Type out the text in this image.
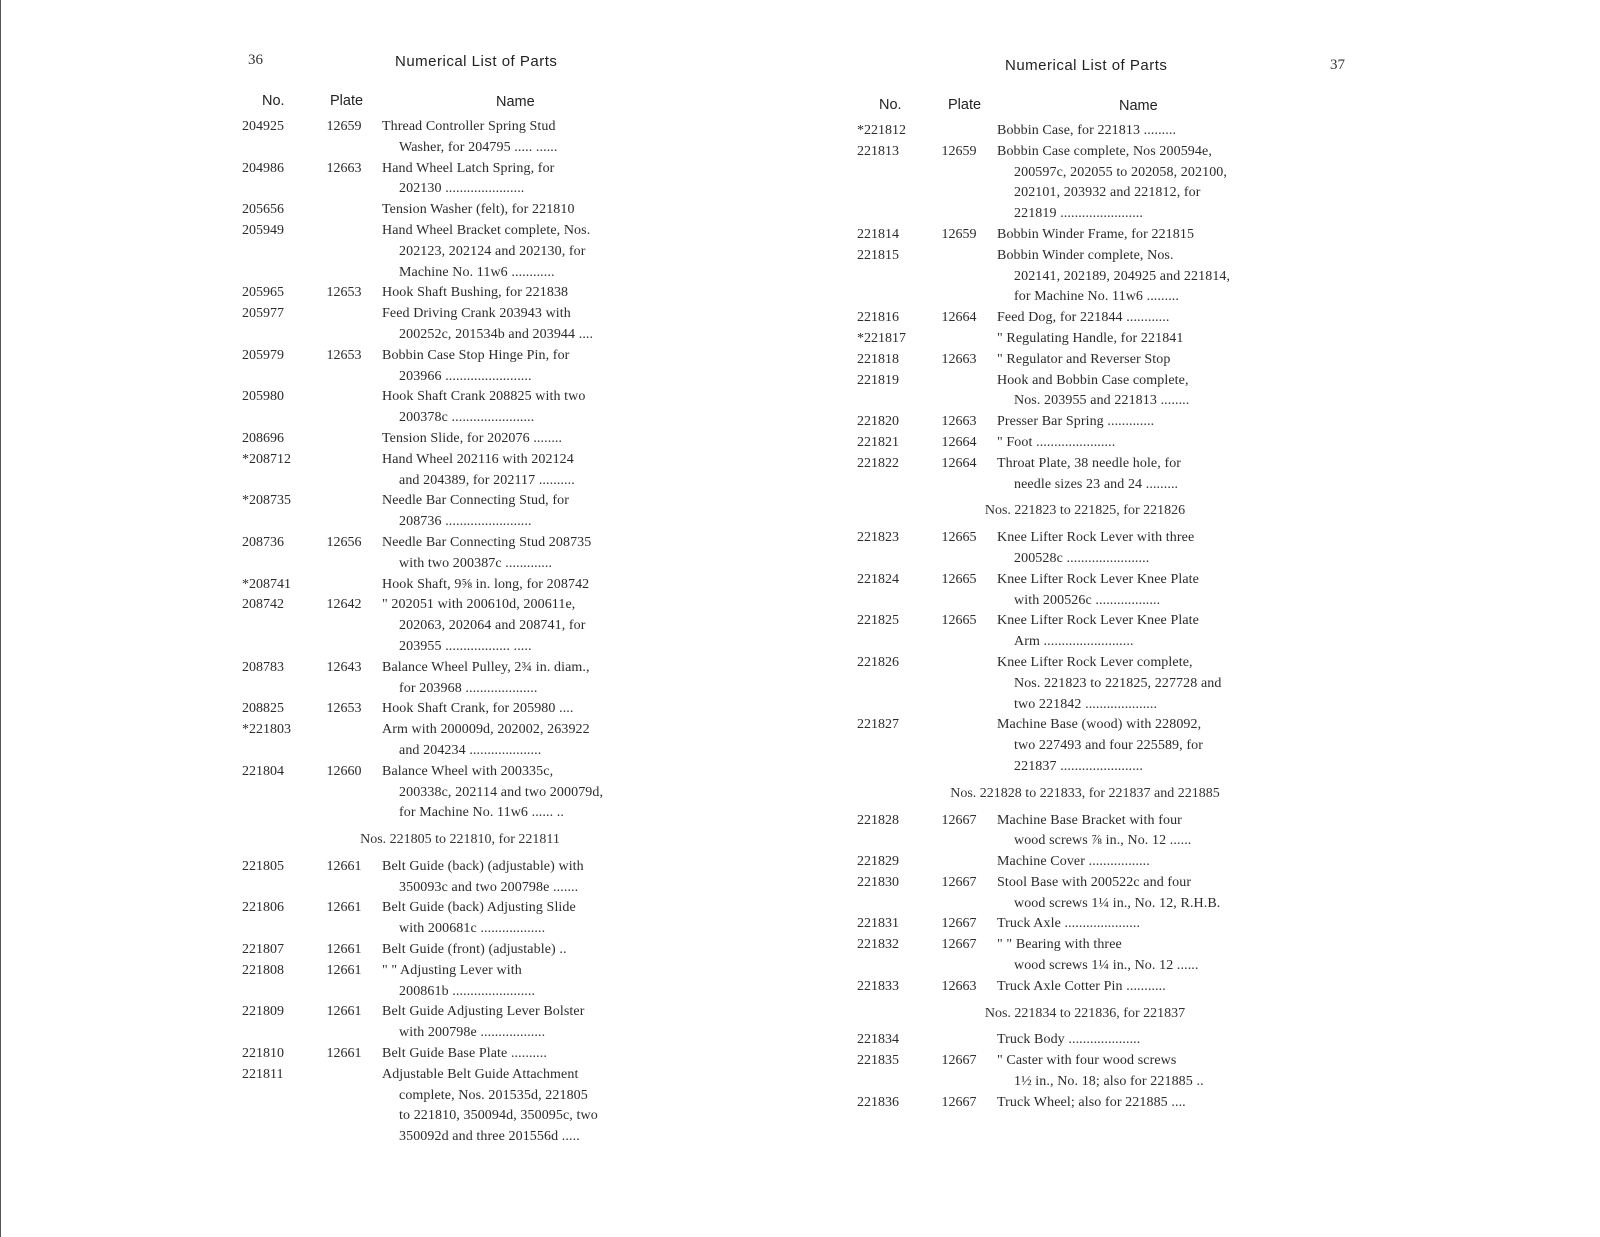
36	Numerical List of Parts
No.	Plate	Name
204925	12659	Thread Controller Spring Stud
Washer, for 204795 ..... ......
204986	12663	Hand Wheel Latch Spring, for
202130 ......................
205656	Tension Washer (felt), for 221810
205949	Hand Wheel Bracket complete, Nos.
202123, 202124 and 202130, for
Machine No. 11w6 ............
205965	12653	Hook Shaft Bushing, for 221838
205977	Feed Driving Crank 203943 with
200252c, 201534b and 203944 ....
205979	12653	Bobbin Case Stop Hinge Pin, for
203966 ........................
205980	Hook Shaft Crank 208825 with two
200378c .......................
208696	Tension Slide, for 202076 ........
*208712	Hand Wheel 202116 with 202124
and 204389, for 202117 ..........
*208735	Needle Bar Connecting Stud, for
208736 ........................
208736	12656	Needle Bar Connecting Stud 208735
with two 200387c .............
*208741	Hook Shaft, 9⅝ in. long, for 208742
208742	12642	" 202051 with 200610d, 200611e,
202063, 202064 and 208741, for
203955 .................. .....
208783	12643	Balance Wheel Pulley, 2¾ in. diam.,
for 203968 ....................
208825	12653	Hook Shaft Crank, for 205980 ....
*221803	Arm with 200009d, 202002, 263922
and 204234 ....................
221804	12660	Balance Wheel with 200335c,
200338c, 202114 and two 200079d,
for Machine No. 11w6 ...... ..
Nos. 221805 to 221810, for 221811
221805	12661	Belt Guide (back) (adjustable) with
350093c and two 200798e .......
221806	12661	Belt Guide (back) Adjusting Slide
with 200681c ..................
221807	12661	Belt Guide (front) (adjustable) ..
221808	12661	" " Adjusting Lever with
200861b .......................
221809	12661	Belt Guide Adjusting Lever Bolster
with 200798e ..................
221810	12661	Belt Guide Base Plate ..........
221811	Adjustable Belt Guide Attachment
complete, Nos. 201535d, 221805
to 221810, 350094d, 350095c, two
350092d and three 201556d .....
Numerical List of Parts	37
No.	Plate	Name
*221812	Bobbin Case, for 221813 .........
221813	12659	Bobbin Case complete, Nos 200594e,
200597c, 202055 to 202058, 202100,
202101, 203932 and 221812, for
221819 .......................
221814	12659	Bobbin Winder Frame, for 221815
221815	Bobbin Winder complete, Nos.
202141, 202189, 204925 and 221814,
for Machine No. 11w6 .........
221816	12664	Feed Dog, for 221844 ............
*221817	" Regulating Handle, for 221841
221818	12663	" Regulator and Reverser Stop
221819	Hook and Bobbin Case complete,
Nos. 203955 and 221813 ........
221820	12663	Presser Bar Spring .............
221821	12664	" Foot ......................
221822	12664	Throat Plate, 38 needle hole, for
needle sizes 23 and 24 .........
Nos. 221823 to 221825, for 221826
221823	12665	Knee Lifter Rock Lever with three
200528c .......................
221824	12665	Knee Lifter Rock Lever Knee Plate
with 200526c ..................
221825	12665	Knee Lifter Rock Lever Knee Plate
Arm .........................
221826	Knee Lifter Rock Lever complete,
Nos. 221823 to 221825, 227728 and
two 221842 ....................
221827	Machine Base (wood) with 228092,
two 227493 and four 225589, for
221837 .......................
Nos. 221828 to 221833, for 221837 and 221885
221828	12667	Machine Base Bracket with four
wood screws ⅞ in., No. 12 ......
221829	Machine Cover .................
221830	12667	Stool Base with 200522c and four
wood screws 1¼ in., No. 12, R.H.B.
221831	12667	Truck Axle .....................
221832	12667	" " Bearing with three
wood screws 1¼ in., No. 12 ......
221833	12663	Truck Axle Cotter Pin ...........
Nos. 221834 to 221836, for 221837
221834	Truck Body ....................
221835	12667	" Caster with four wood screws
1½ in., No. 18; also for 221885 ..
221836	12667	Truck Wheel; also for 221885 ....
